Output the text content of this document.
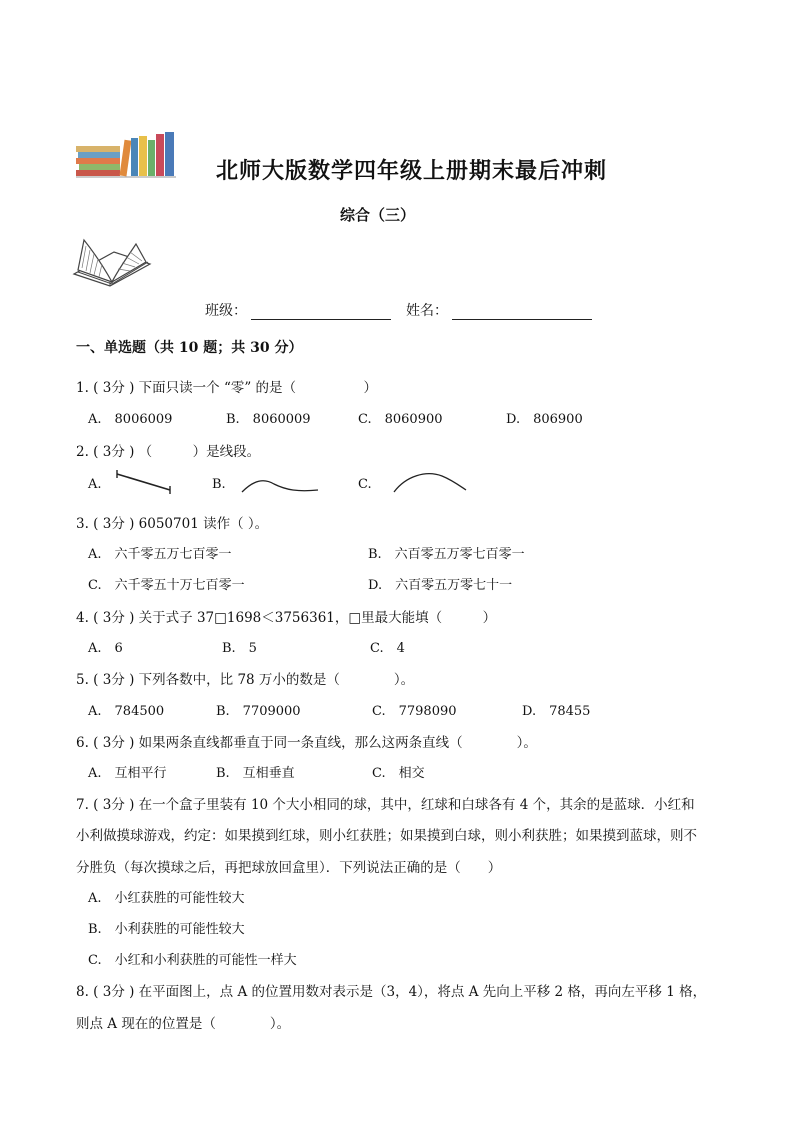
北师大版数学四年级上册期末最后冲刺
综合（三）
班级：	姓名：
一、单选题（共 10 题；共 30 分）
1. ( 3分 ) 下面只读一个 “零” 的是（　　　　　）
A.　8006009	B.　8060009	C.　8060900	D.　806900
2. ( 3分 ) （　　　）是线段。
A.	B.	C.
3. ( 3分 ) 6050701 读作（ ）。
A.　六千零五万七百零一	B.　六百零五万零七百零一
C.　六千零五十万七百零一	D.　六百零五万零七十一
4. ( 3分 ) 关于式子 37□1698＜3756361，□里最大能填（　　　）
A.　6	B.　5	C.　4
5. ( 3分 ) 下列各数中，比 78 万小的数是（　　　　）。
A.　784500	B.　7709000	C.　7798090	D.　78455
6. ( 3分 ) 如果两条直线都垂直于同一条直线，那么这两条直线（　　　　）。
A.　互相平行	B.　互相垂直	C.　相交
7. ( 3分 ) 在一个盒子里装有 10 个大小相同的球，其中，红球和白球各有 4 个，其余的是蓝球．小红和
小利做摸球游戏，约定：如果摸到红球，则小红获胜；如果摸到白球，则小利获胜；如果摸到蓝球，则不
分胜负（每次摸球之后，再把球放回盒里）．下列说法正确的是（　　）
A.　小红获胜的可能性较大
B.　小利获胜的可能性较大
C.　小红和小利获胜的可能性一样大
8. ( 3分 ) 在平面图上，点 A 的位置用数对表示是（3，4），将点 A 先向上平移 2 格，再向左平移 1 格，
则点 A 现在的位置是（　　　　）。
